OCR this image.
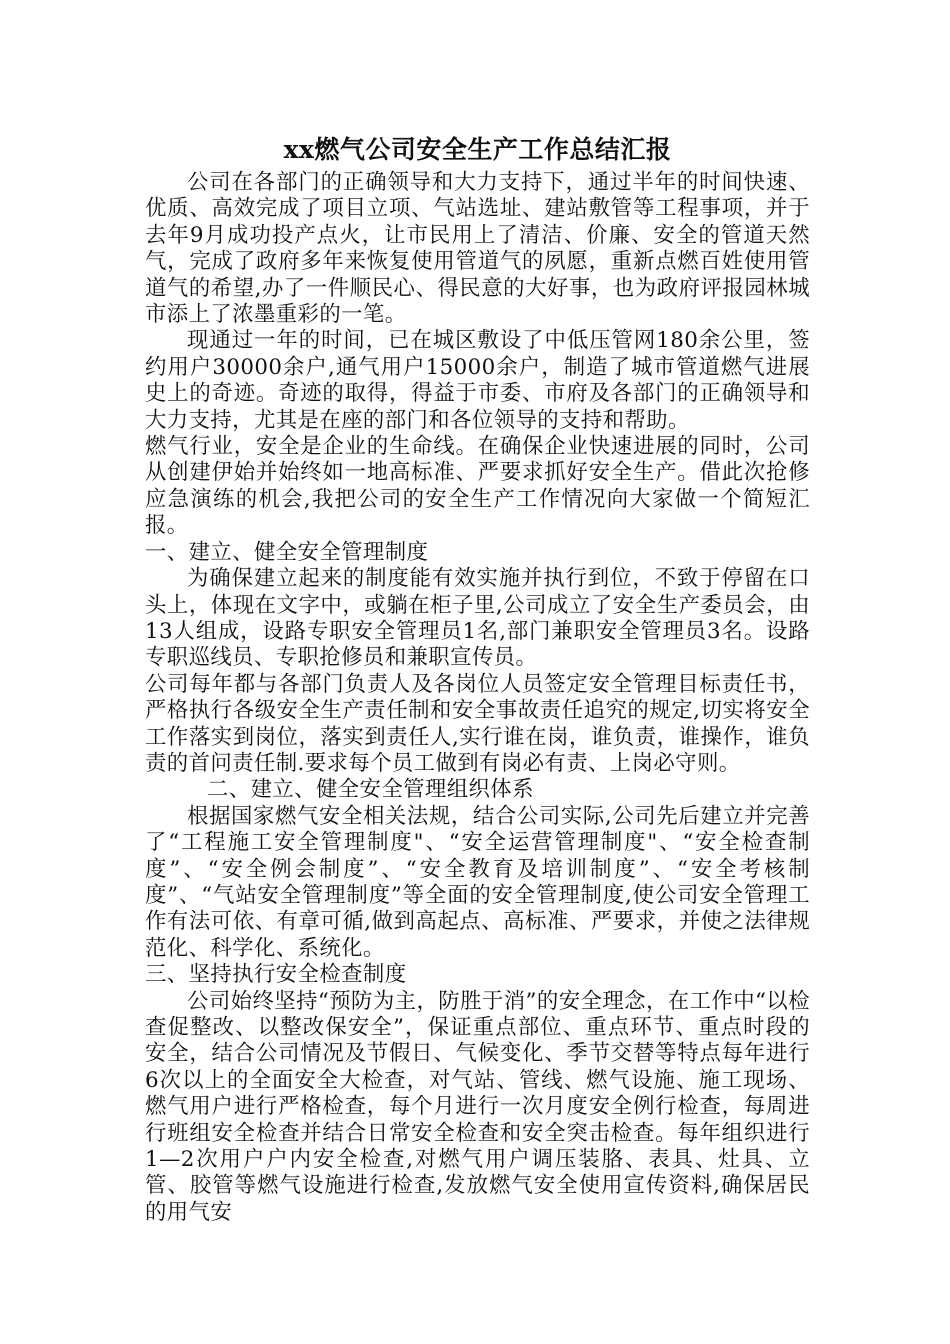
xx燃气公司安全生产工作总结汇报

公司在各部门的正确领导和大力支持下，通过半年的时间快速、优质、高效完成了项目立项、气站选址、建站敷管等工程事项，并于去年9月成功投产点火，让市民用上了清洁、价廉、安全的管道天然气，完成了政府多年来恢复使用管道气的夙愿，重新点燃百姓使用管道气的希望,办了一件顺民心、得民意的大好事，也为政府评报园林城市添上了浓墨重彩的一笔。

现通过一年的时间，已在城区敷设了中低压管网180余公里，签约用户30000余户,通气用户15000余户，制造了城市管道燃气进展史上的奇迹。奇迹的取得，得益于市委、市府及各部门的正确领导和大力支持，尤其是在座的部门和各位领导的支持和帮助。

燃气行业，安全是企业的生命线。在确保企业快速进展的同时，公司从创建伊始并始终如一地高标准、严要求抓好安全生产。借此次抢修应急演练的机会,我把公司的安全生产工作情况向大家做一个简短汇报。

一、建立、健全安全管理制度

为确保建立起来的制度能有效实施并执行到位，不致于停留在口头上，体现在文字中，或躺在柜子里,公司成立了安全生产委员会，由13人组成，设路专职安全管理员1名,部门兼职安全管理员3名。设路专职巡线员、专职抢修员和兼职宣传员。

公司每年都与各部门负责人及各岗位人员签定安全管理目标责任书，严格执行各级安全生产责任制和安全事故责任追究的规定,切实将安全工作落实到岗位，落实到责任人,实行谁在岗，谁负责，谁操作，谁负责的首问责任制.要求每个员工做到有岗必有责、上岗必守则。

二、建立、健全安全管理组织体系

根据国家燃气安全相关法规，结合公司实际,公司先后建立并完善了“工程施工安全管理制度"、“安全运营管理制度"、“安全检查制度”、“安全例会制度”、“安全教育及培训制度”、“安全考核制度”、“气站安全管理制度”等全面的安全管理制度,使公司安全管理工作有法可依、有章可循,做到高起点、高标准、严要求，并使之法律规范化、科学化、系统化。

三、坚持执行安全检查制度

公司始终坚持“预防为主，防胜于消”的安全理念，在工作中“以检查促整改、以整改保安全”，保证重点部位、重点环节、重点时段的安全，结合公司情况及节假日、气候变化、季节交替等特点每年进行6次以上的全面安全大检查，对气站、管线、燃气设施、施工现场、燃气用户进行严格检查，每个月进行一次月度安全例行检查，每周进行班组安全检查并结合日常安全检查和安全突击检查。每年组织进行1—2次用户户内安全检查,对燃气用户调压装胳、表具、灶具、立管、胶管等燃气设施进行检查,发放燃气安全使用宣传资料,确保居民的用气安
